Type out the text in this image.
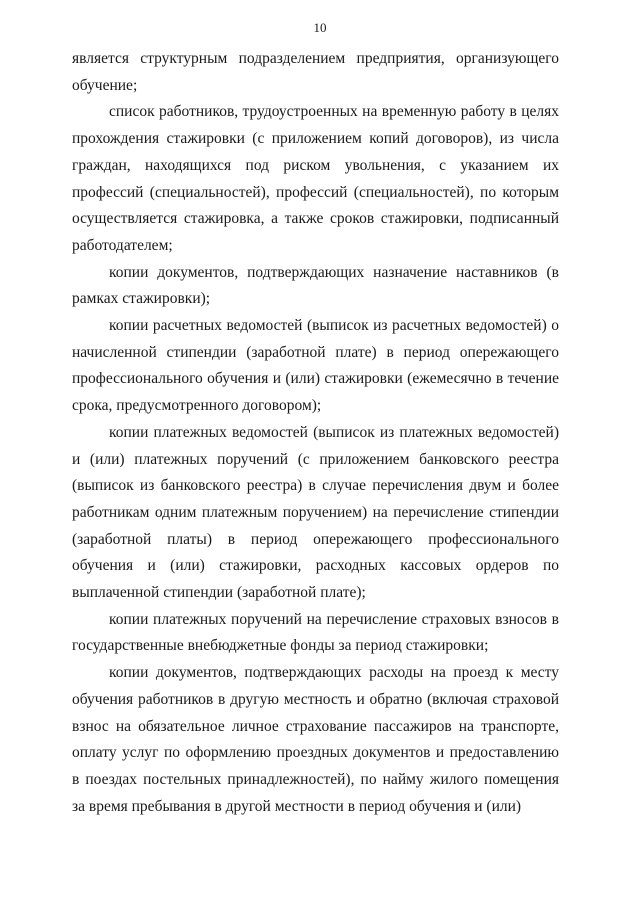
10

является структурным подразделением предприятия, организующего обучение;

список работников, трудоустроенных на временную работу в целях прохождения стажировки (с приложением копий договоров), из числа граждан, находящихся под риском увольнения, с указанием их профессий (специальностей), профессий (специальностей), по которым осуществляется стажировка, а также сроков стажировки, подписанный работодателем;

копии документов, подтверждающих назначение наставников (в рамках стажировки);

копии расчетных ведомостей (выписок из расчетных ведомостей) о начисленной стипендии (заработной плате) в период опережающего профессионального обучения и (или) стажировки (ежемесячно в течение срока, предусмотренного договором);

копии платежных ведомостей (выписок из платежных ведомостей) и (или) платежных поручений (с приложением банковского реестра (выписок из банковского реестра) в случае перечисления двум и более работникам одним платежным поручением) на перечисление стипендии (заработной платы) в период опережающего профессионального обучения и (или) стажировки, расходных кассовых ордеров по выплаченной стипендии (заработной плате);

копии платежных поручений на перечисление страховых взносов в государственные внебюджетные фонды за период стажировки;

копии документов, подтверждающих расходы на проезд к месту обучения работников в другую местность и обратно (включая страховой взнос на обязательное личное страхование пассажиров на транспорте, оплату услуг по оформлению проездных документов и предоставлению в поездах постельных принадлежностей), по найму жилого помещения за время пребывания в другой местности в период обучения и (или)
